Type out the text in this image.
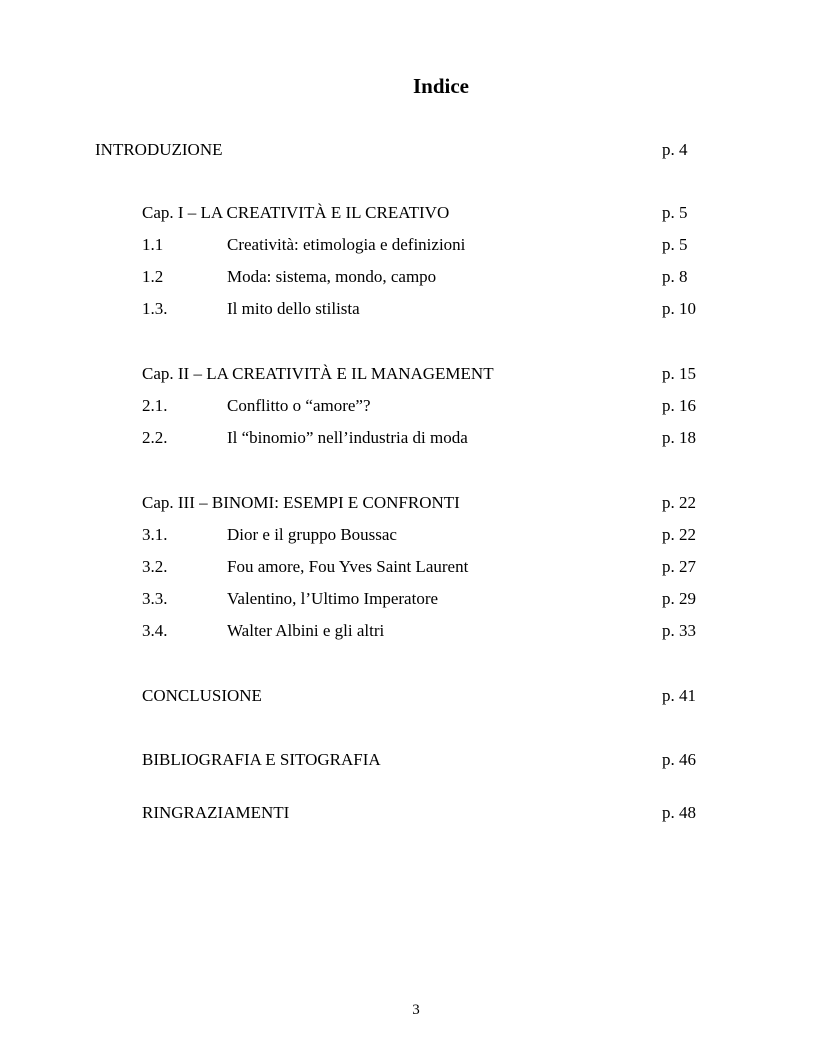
Indice
INTRODUZIONE	p. 4
Cap. I – LA CREATIVITÀ E IL CREATIVO	p. 5
1.1	Creatività: etimologia e definizioni	p. 5
1.2	Moda: sistema, mondo, campo	p. 8
1.3.	Il mito dello stilista	p. 10
Cap. II – LA CREATIVITÀ E IL MANAGEMENT	p. 15
2.1.	Conflitto o “amore”?	p. 16
2.2.	Il “binomio” nell’industria di moda	p. 18
Cap. III – BINOMI: ESEMPI E CONFRONTI	p. 22
3.1.	Dior e il gruppo Boussac	p. 22
3.2.	Fou amore, Fou Yves Saint Laurent	p. 27
3.3.	Valentino, l’Ultimo Imperatore	p. 29
3.4.	Walter Albini e gli altri	p. 33
CONCLUSIONE	p. 41
BIBLIOGRAFIA E SITOGRAFIA	p. 46
RINGRAZIAMENTI	p. 48
3
